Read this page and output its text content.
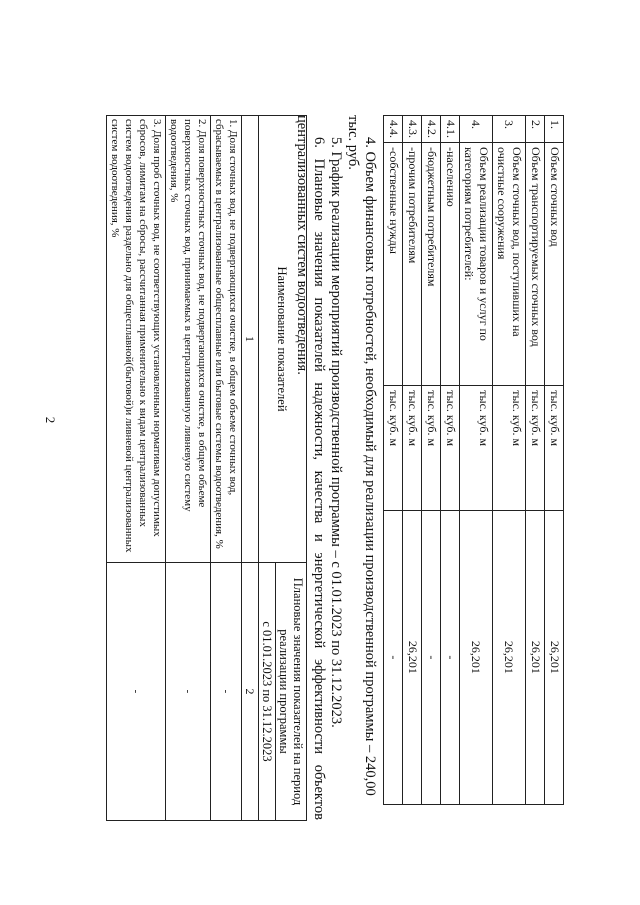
2
1.	Объем сточных вод	тыс. куб. м	26,201
2.	Объем транспортируемых сточных вод	тыс. куб. м	26,201
3.	Объем сточных вод, поступивших на очистные сооружения	тыс. куб. м	26,201
4.	Объем реализации товаров и услуг по категориям потребителей:	тыс. куб. м	26,201
4.1.	-населению	тыс. куб. м	-
4.2.	-бюджетным потребителям	тыс. куб. м	-
4.3.	-прочим потребителям	тыс. куб. м	26,201
4.4.	-собственные нужды	тыс. куб. м	-

4. Объем финансовых потребностей, необходимый для реализации производственной программы – 240,00 тыс. руб.

5. График реализации мероприятий производственной программы – с 01.01.2023 по 31.12.2023.

6. Плановые значения показателей надежности, качества и энергетической эффективности объектов

централизованных систем водоотведения.

Наименование показателей	Плановые значения показателей на период реализации программы
	с 01.01.2023 по 31.12.2023
1	2
1. Доля сточных вод, не подвергающихся очистке, в общем объеме сточных вод, сбрасываемых в централизованные общесплавные или бытовые системы водоотведения, %	-
2. Доля поверхностных сточных вод, не подвергающихся очистке, в общем объеме поверхностных сточных вод, принимаемых в централизованную ливневую систему водоотведения, %	-
3. Доля проб сточных вод, не соответствующих установленным нормативам допустимых сбросов, лимитам на сбросы, рассчитанная применительно к видам централизованных систем водоотведения раздельно для общесплавной(бытовой)и ливневой централизованных систем водоотведения, %	-
